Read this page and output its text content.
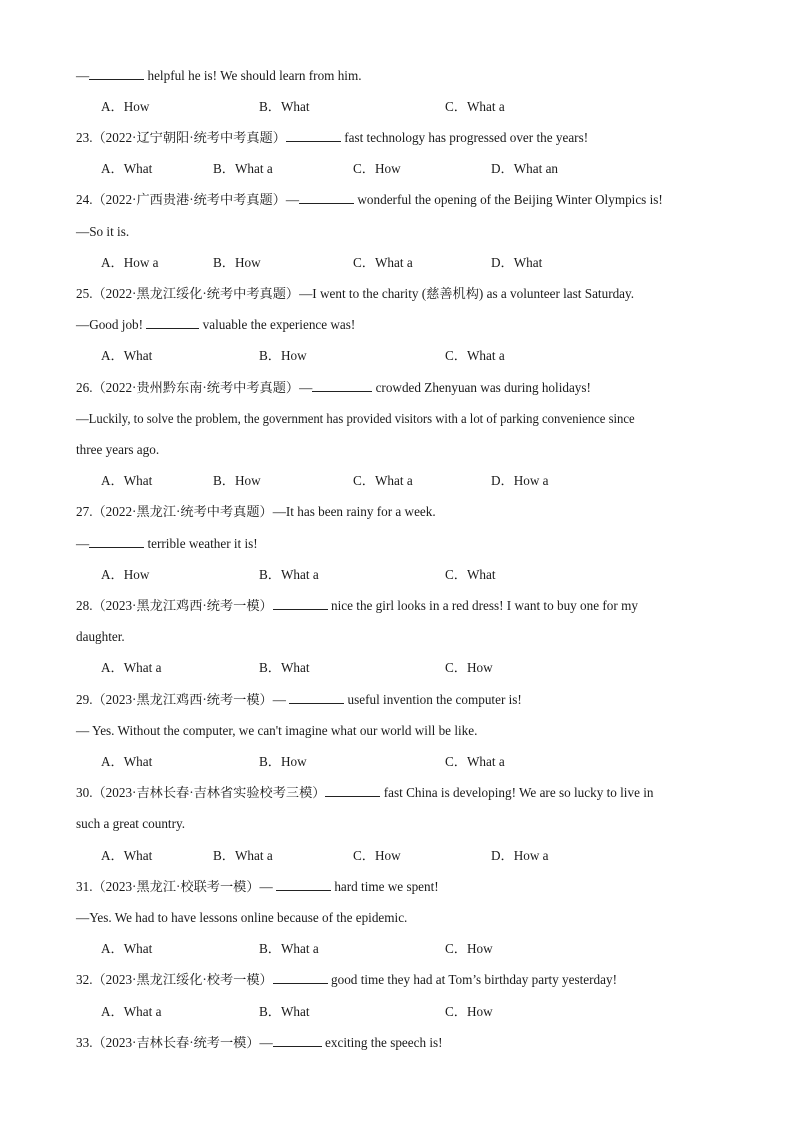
—	helpful he is! We should learn from him.
A．How	B．What	C．What a
23.（2022·辽宁朝阳·统考中考真题）	fast technology has progressed over the years!
A．What	B．What a	C．How	D．What an
24.（2022·广西贵港·统考中考真题）—	wonderful the opening of the Beijing Winter Olympics is!
—So it is.
A．How a	B．How	C．What a	D．What
25.（2022·黑龙江绥化·统考中考真题）—I went to the charity (慈善机构) as a volunteer last Saturday.
—Good job!	valuable the experience was!
A．What	B．How	C．What a
26.（2022·贵州黔东南·统考中考真题）—	crowded Zhenyuan was during holidays!
—Luckily, to solve the problem, the government has provided visitors with a lot of parking convenience since
three years ago.
A．What	B．How	C．What a	D．How a
27.（2022·黑龙江·统考中考真题）—It has been rainy for a week.
—	terrible weather it is!
A．How	B．What a	C．What
28.（2023·黑龙江鸡西·统考一模）	nice the girl looks in a red dress! I want to buy one for my
daughter.
A．What a	B．What	C．How
29.（2023·黑龙江鸡西·统考一模）—	useful invention the computer is!
— Yes. Without the computer, we can't imagine what our world will be like.
A．What	B．How	C．What a
30.（2023·吉林长春·吉林省实验校考三模）	fast China is developing! We are so lucky to live in
such a great country.
A．What	B．What a	C．How	D．How a
31.（2023·黑龙江·校联考一模）—	hard time we spent!
—Yes. We had to have lessons online because of the epidemic.
A．What	B．What a	C．How
32.（2023·黑龙江绥化·校考一模）	good time they had at Tom’s birthday party yesterday!
A．What a	B．What	C．How
33.（2023·吉林长春·统考一模）—	exciting the speech is!
